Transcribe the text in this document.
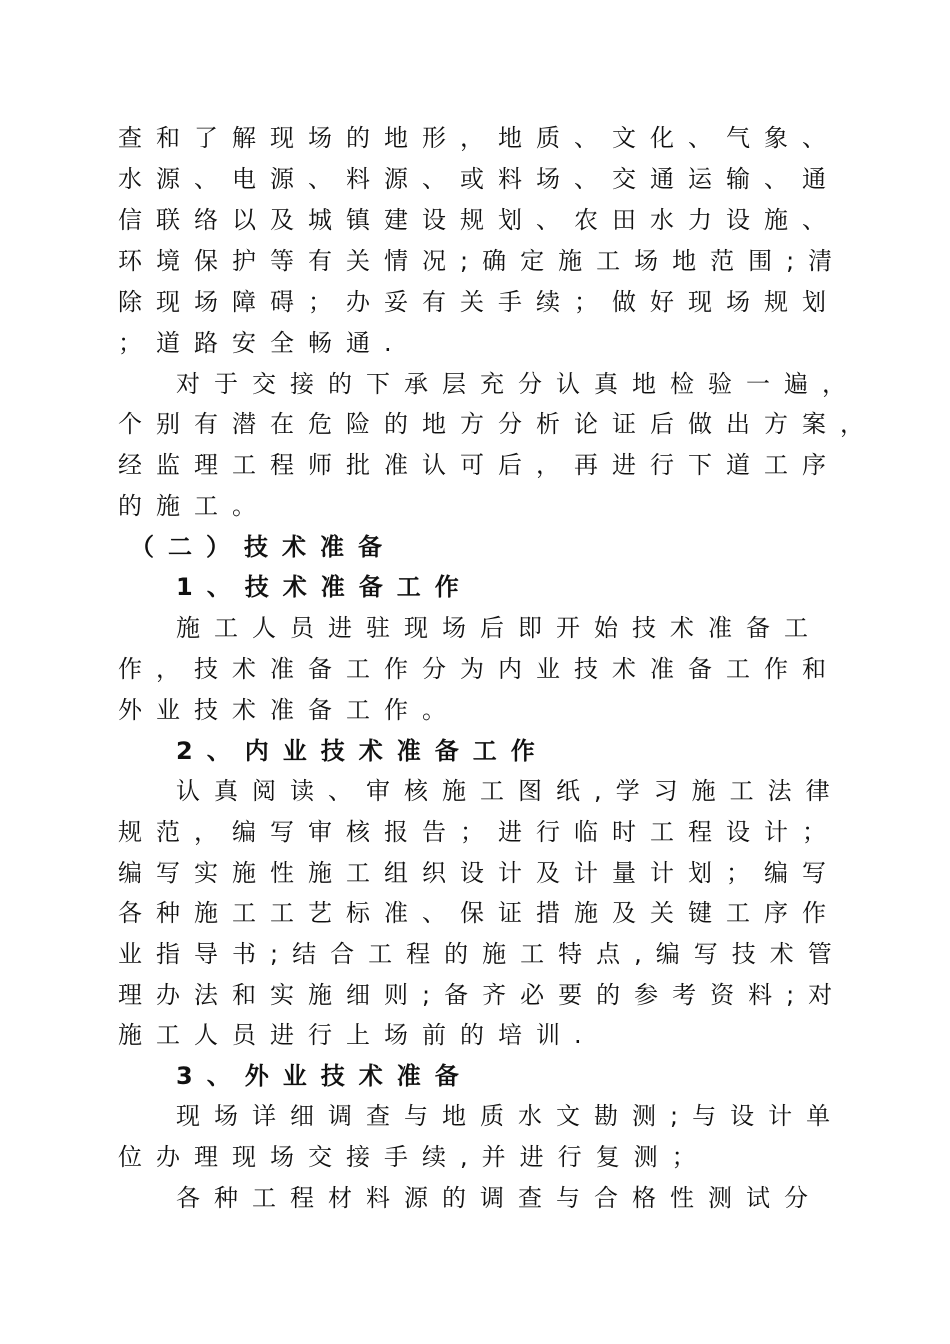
查和了解现场的地形，地质、文化、气象、
水源、电源、料源、或料场、交通运输、通
信联络以及城镇建设规划、农田水力设施、
环境保护等有关情况;确定施工场地范围;清
除现场障碍；办妥有关手续；做好现场规划
；道路安全畅通.
对于交接的下承层充分认真地检验一遍，
个别有潜在危险的地方分析论证后做出方案，
经监理工程师批准认可后，再进行下道工序
的施工。
（二）技术准备
1、技术准备工作
施工人员进驻现场后即开始技术准备工
作，技术准备工作分为内业技术准备工作和
外业技术准备工作。
2、内业技术准备工作
认真阅读、审核施工图纸,学习施工法律
规范，编写审核报告；进行临时工程设计；
编写实施性施工组织设计及计量计划；编写
各种施工工艺标准、保证措施及关键工序作
业指导书;结合工程的施工特点,编写技术管
理办法和实施细则;备齐必要的参考资料;对
施工人员进行上场前的培训.
3、外业技术准备
现场详细调查与地质水文勘测;与设计单
位办理现场交接手续,并进行复测；
各种工程材料源的调查与合格性测试分
